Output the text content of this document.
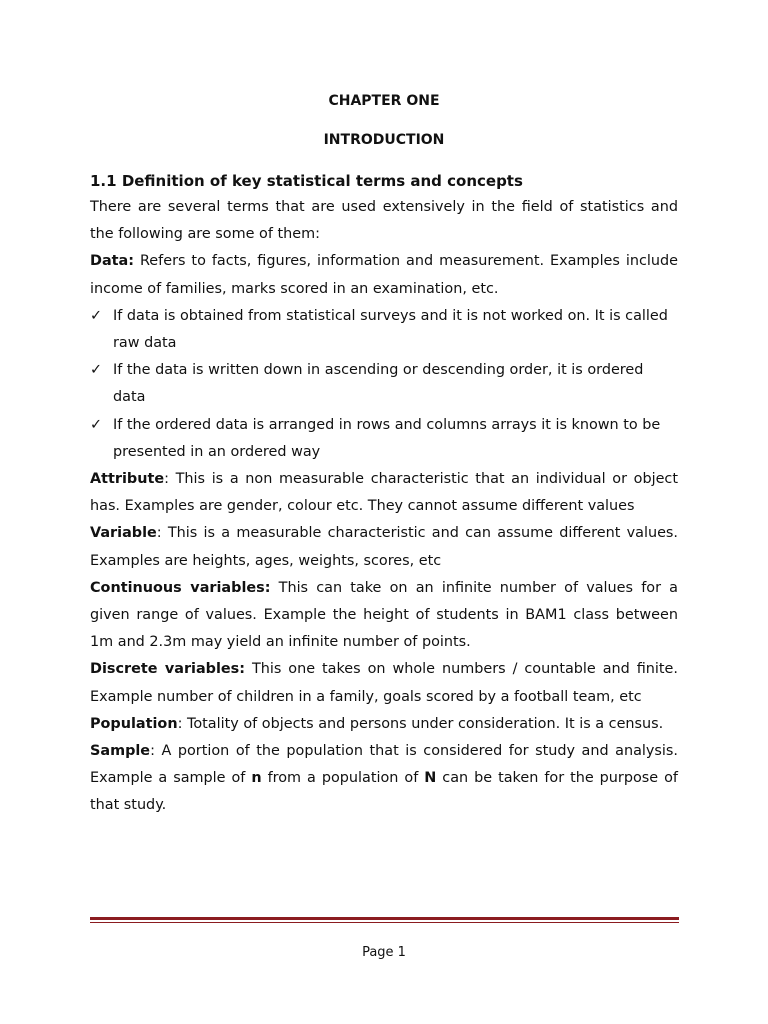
CHAPTER ONE
INTRODUCTION
1.1 Definition of key statistical terms and concepts

There are several terms that are used extensively in the field of statistics and the following are some of them:

Data: Refers to facts, figures, information and measurement. Examples include income of families, marks scored in an examination, etc.

✓ If data is obtained from statistical surveys and it is not worked on. It is called raw data
✓ If the data is written down in ascending or descending order, it is ordered data
✓ If the ordered data is arranged in rows and columns arrays it is known to be presented in an ordered way

Attribute: This is a non measurable characteristic that an individual or object has. Examples are gender, colour etc. They cannot assume different values

Variable: This is a measurable characteristic and can assume different values. Examples are heights, ages, weights, scores, etc

Continuous variables: This can take on an infinite number of values for a given range of values. Example the height of students in BAM1 class between 1m and 2.3m may yield an infinite number of points.

Discrete variables: This one takes on whole numbers / countable and finite. Example number of children in a family, goals scored by a football team, etc

Population: Totality of objects and persons under consideration. It is a census.

Sample: A portion of the population that is considered for study and analysis. Example a sample of n from a population of N can be taken for the purpose of that study.

Page 1
